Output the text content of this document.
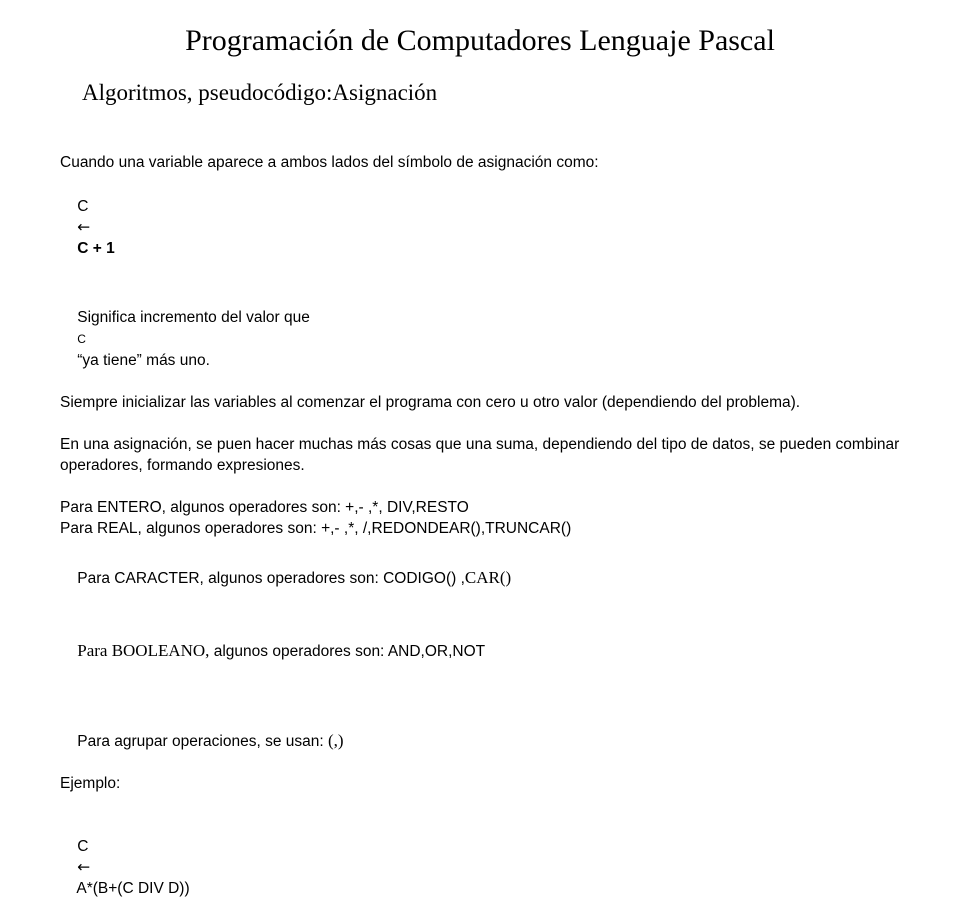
Programación de Computadores Lenguaje Pascal
Algoritmos, pseudocódigo:Asignación
Cuando una variable aparece a ambos lados del símbolo de asignación como:

C
←
C + 1

Significa incremento del valor que
C
“ya tiene” más uno.

Siempre inicializar las variables al comenzar el programa con cero u otro valor (dependiendo del problema).
En una asignación, se puen hacer muchas más cosas que una suma, dependiendo del tipo de datos, se pueden combinar operadores, formando expresiones.
Para ENTERO, algunos operadores son: +,- ,*, DIV,RESTO
Para REAL, algunos operadores son: +,- ,*, /,REDONDEAR(),TRUNCAR()

Para CARACTER, algunos operadores son: CODIGO() ,CAR()

Para BOOLEANO, algunos operadores son: AND,OR,NOT

Para agrupar operaciones, se usan: (,)

Ejemplo:

C
←
A*(B+(C DIV D))
